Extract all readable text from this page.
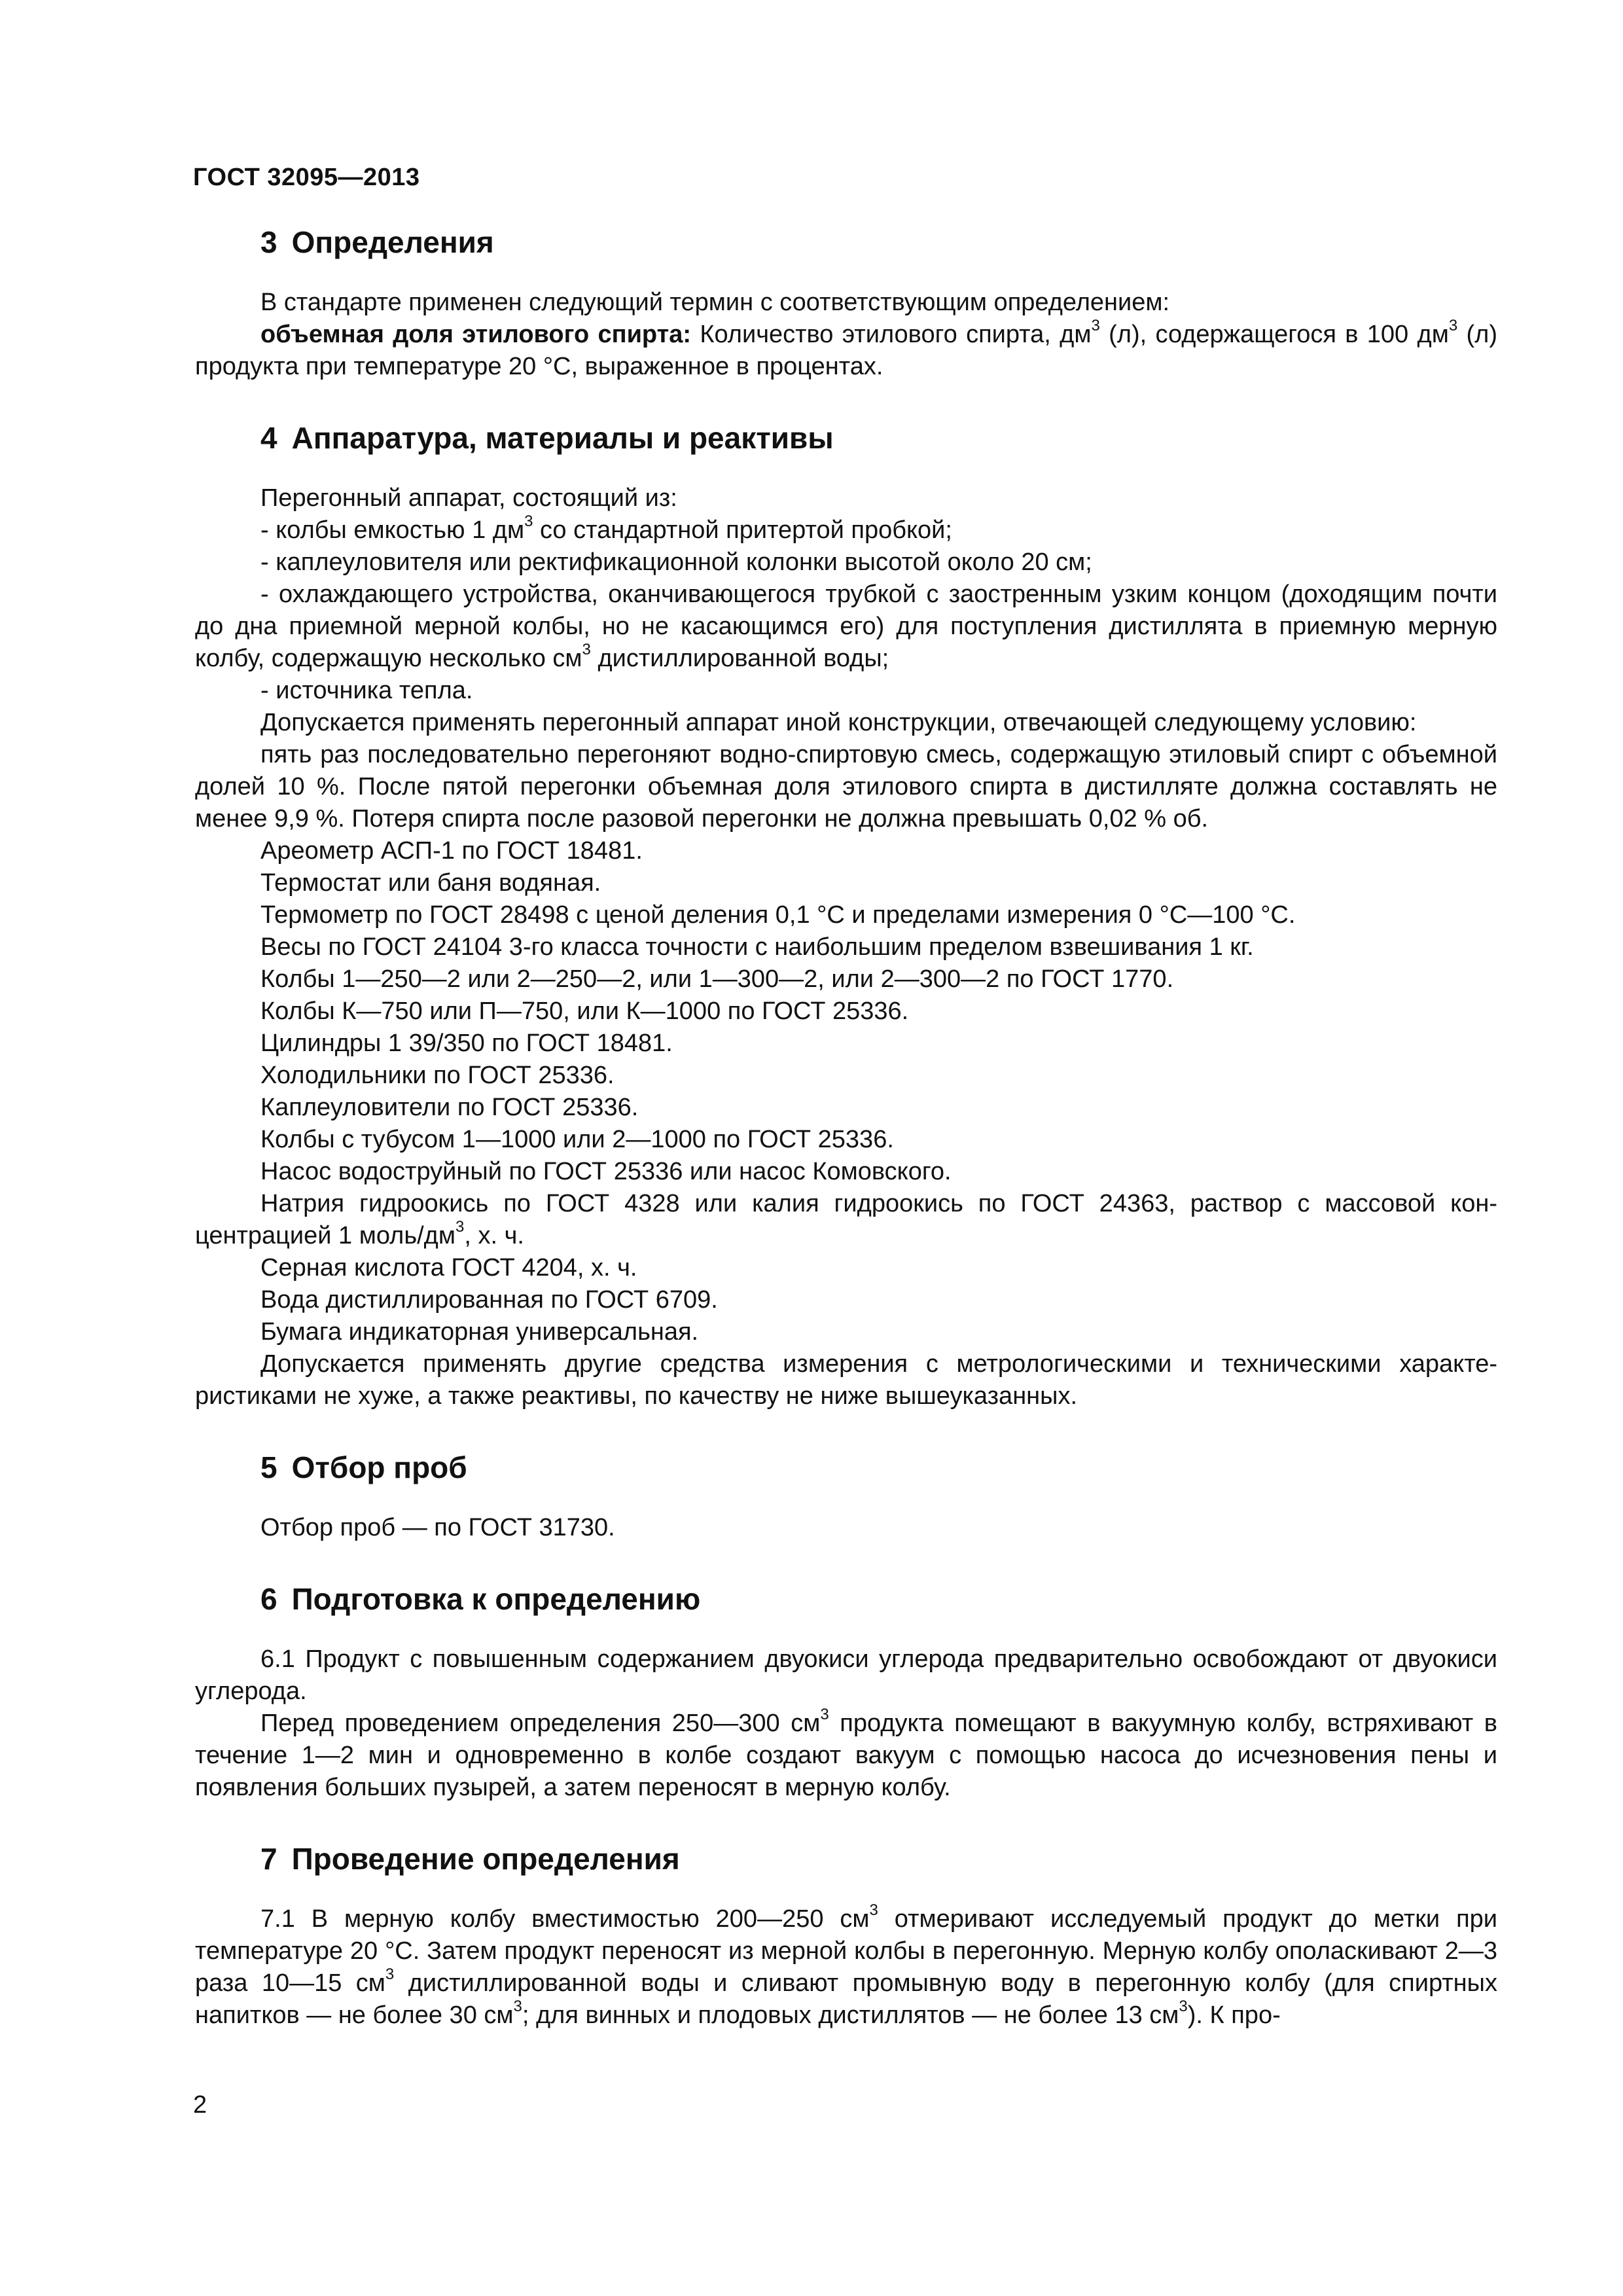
ГОСТ 32095—2013
3 Определения

В стандарте применен следующий термин с соответствующим определением:

объемная доля этилового спирта: Количество этилового спирта, $дм^3$ (л), содержащегося в 100 $дм^3$ (л) продукта при температуре 20 °С, выраженное в процентах.

4 Аппаратура, материалы и реактивы

Перегонный аппарат, состоящий из:

- колбы емкостью 1 $дм^3$ со стандартной притертой пробкой;

- каплеуловителя или ректификационной колонки высотой около 20 см;

- охлаждающего устройства, оканчивающегося трубкой с заостренным узким концом (доходящим почти до дна приемной мерной колбы, но не касающимся его) для поступления дистиллята в приемную мерную колбу, содержащую несколько $см^3$ дистиллированной воды;

- источника тепла.

Допускается применять перегонный аппарат иной конструкции, отвечающей следующему условию:

пять раз последовательно перегоняют водно-спиртовую смесь, содержащую этиловый спирт с объемной долей 10 %. После пятой перегонки объемная доля этилового спирта в дистилляте должна составлять не менее 9,9 %. Потеря спирта после разовой перегонки не должна превышать 0,02 % об.

Ареометр АСП-1 по ГОСТ 18481.

Термостат или баня водяная.

Термометр по ГОСТ 28498 с ценой деления 0,1 °С и пределами измерения 0 °С—100 °С.

Весы по ГОСТ 24104 3-го класса точности с наибольшим пределом взвешивания 1 кг.

Колбы 1—250—2 или 2—250—2, или 1—300—2, или 2—300—2 по ГОСТ 1770.

Колбы К—750 или П—750, или К—1000 по ГОСТ 25336.

Цилиндры 1 39/350 по ГОСТ 18481.

Холодильники по ГОСТ 25336.

Каплеуловители по ГОСТ 25336.

Колбы с тубусом 1—1000 или 2—1000 по ГОСТ 25336.

Насос водоструйный по ГОСТ 25336 или насос Комовского.

Натрия гидроокись по ГОСТ 4328 или калия гидроокись по ГОСТ 24363, раствор с массовой концентрацией 1 моль/$дм^3$, х. ч.

Серная кислота ГОСТ 4204, х. ч.

Вода дистиллированная по ГОСТ 6709.

Бумага индикаторная универсальная.

Допускается применять другие средства измерения с метрологическими и техническими характеристиками не хуже, а также реактивы, по качеству не ниже вышеуказанных.

5 Отбор проб

Отбор проб — по ГОСТ 31730.

6 Подготовка к определению

6.1 Продукт с повышенным содержанием двуокиси углерода предварительно освобождают от двуокиси углерода.

Перед проведением определения 250—300 $см^3$ продукта помещают в вакуумную колбу, встряхивают в течение 1—2 мин и одновременно в колбе создают вакуум с помощью насоса до исчезновения пены и появления больших пузырей, а затем переносят в мерную колбу.

7 Проведение определения

7.1 В мерную колбу вместимостью 200—250 $см^3$ отмеривают исследуемый продукт до метки при температуре 20 °С. Затем продукт переносят из мерной колбы в перегонную. Мерную колбу ополаскивают 2—3 раза 10—15 $см^3$ дистиллированной воды и сливают промывную воду в перегонную колбу (для спиртных напитков — не более 30 $см^3$; для винных и плодовых дистиллятов — не более 13 $см^3$). К про-

2
